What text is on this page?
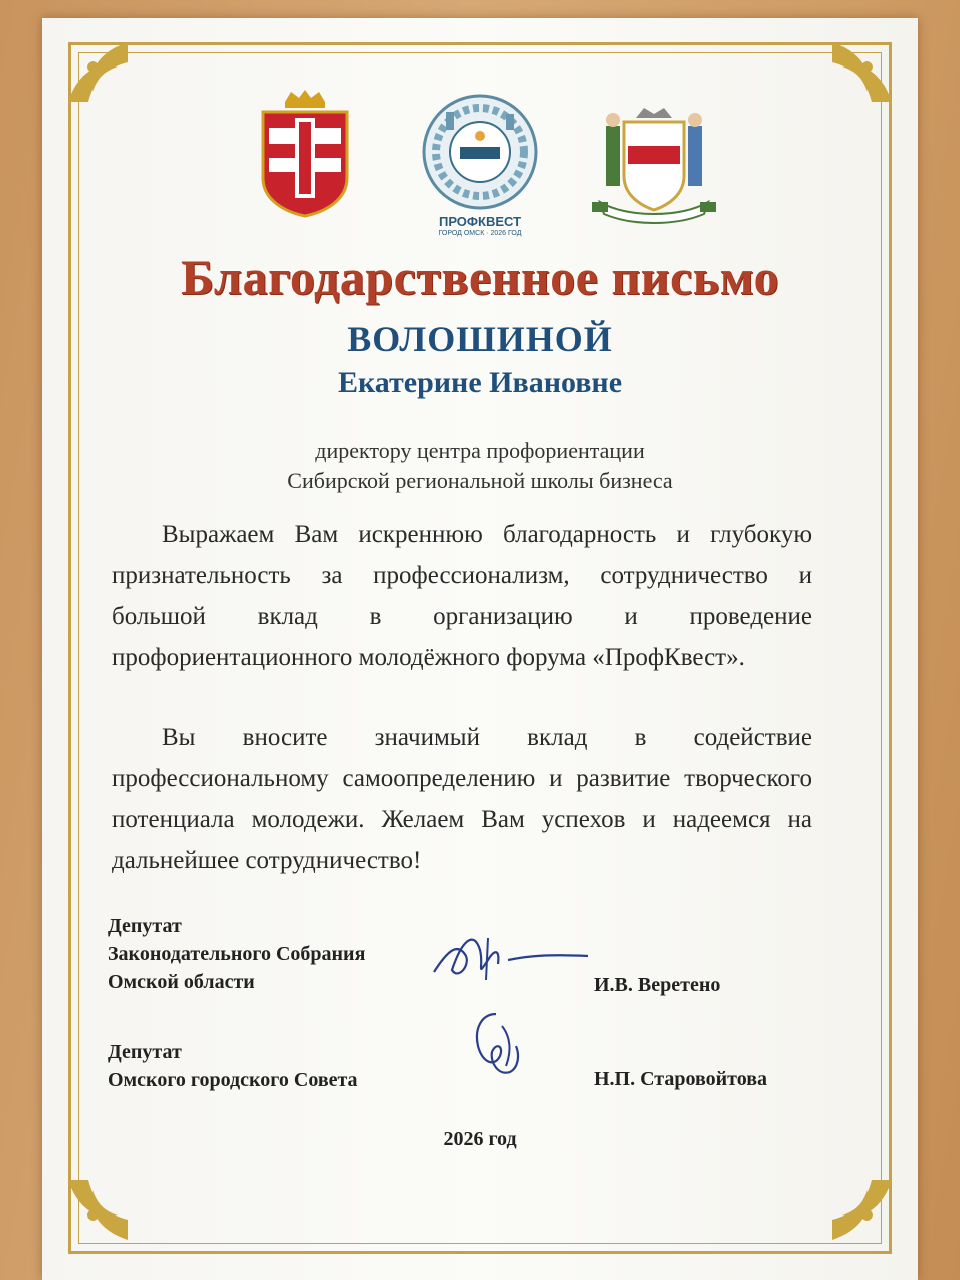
ПРОФКВЕСТ
ГОРОД ОМСК · 2026 ГОД
Благодарственное письмо
ВОЛОШИНОЙ
Екатерине Ивановне
директору центра профориентации
Сибирской региональной школы бизнеса
Выражаем Вам искреннюю благодарность и глубокую признательность за профессионализм, сотрудничество и большой вклад в организацию и проведение профориентационного молодёжного форума «ПрофКвест».
Вы вносите значимый вклад в содействие профессиональному самоопределению и развитие творческого потенциала молодежи. Желаем Вам успехов и надеемся на дальнейшее сотрудничество!
Депутат
Законодательного Собрания
Омской области	И.В. Веретено
Депутат
Омского городского Совета	Н.П. Старовойтова
2026 год
